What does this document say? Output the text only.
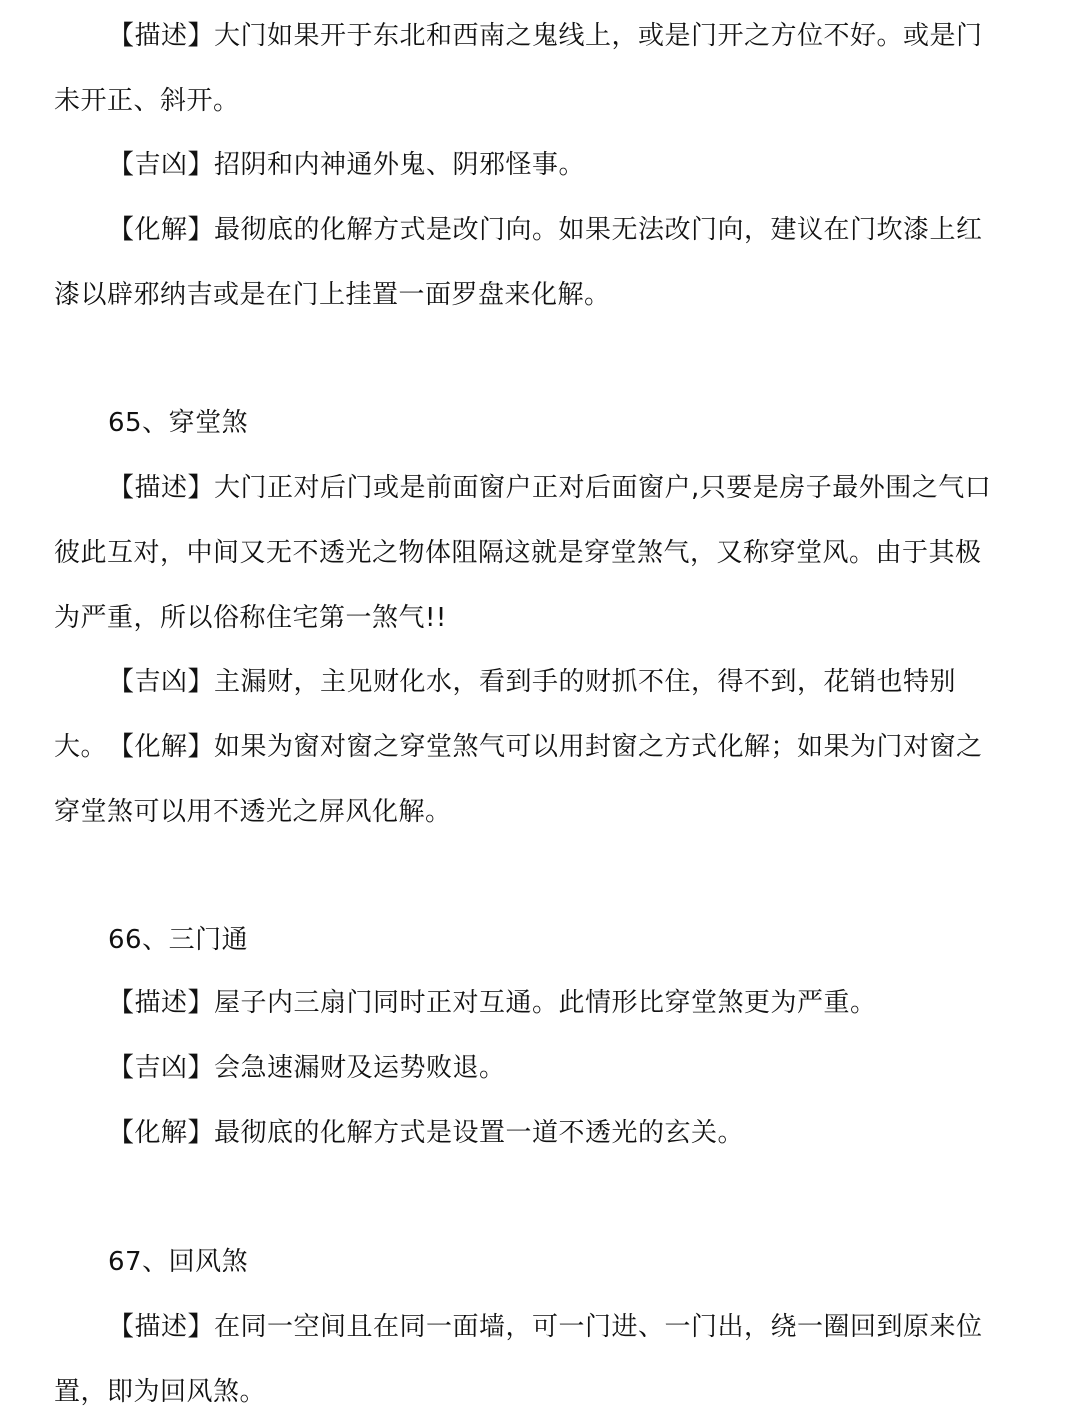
【描述】大门如果开于东北和西南之鬼线上，或是门开之方位不好。或是门未开正、斜开。

【吉凶】招阴和内神通外鬼、阴邪怪事。

【化解】最彻底的化解方式是改门向。如果无法改门向，建议在门坎漆上红漆以辟邪纳吉或是在门上挂置一面罗盘来化解。

65、穿堂煞

【描述】大门正对后门或是前面窗户正对后面窗户,只要是房子最外围之气口彼此互对，中间又无不透光之物体阻隔这就是穿堂煞气，又称穿堂风。由于其极为严重，所以俗称住宅第一煞气!!

【吉凶】主漏财，主见财化水，看到手的财抓不住，得不到，花销也特别大。 【化解】如果为窗对窗之穿堂煞气可以用封窗之方式化解；如果为门对窗之穿堂煞可以用不透光之屏风化解。

66、三门通

【描述】屋子内三扇门同时正对互通。此情形比穿堂煞更为严重。

【吉凶】会急速漏财及运势败退。

【化解】最彻底的化解方式是设置一道不透光的玄关。

67、回风煞

【描述】在同一空间且在同一面墙，可一门进、一门出，绕一圈回到原来位置，即为回风煞。
